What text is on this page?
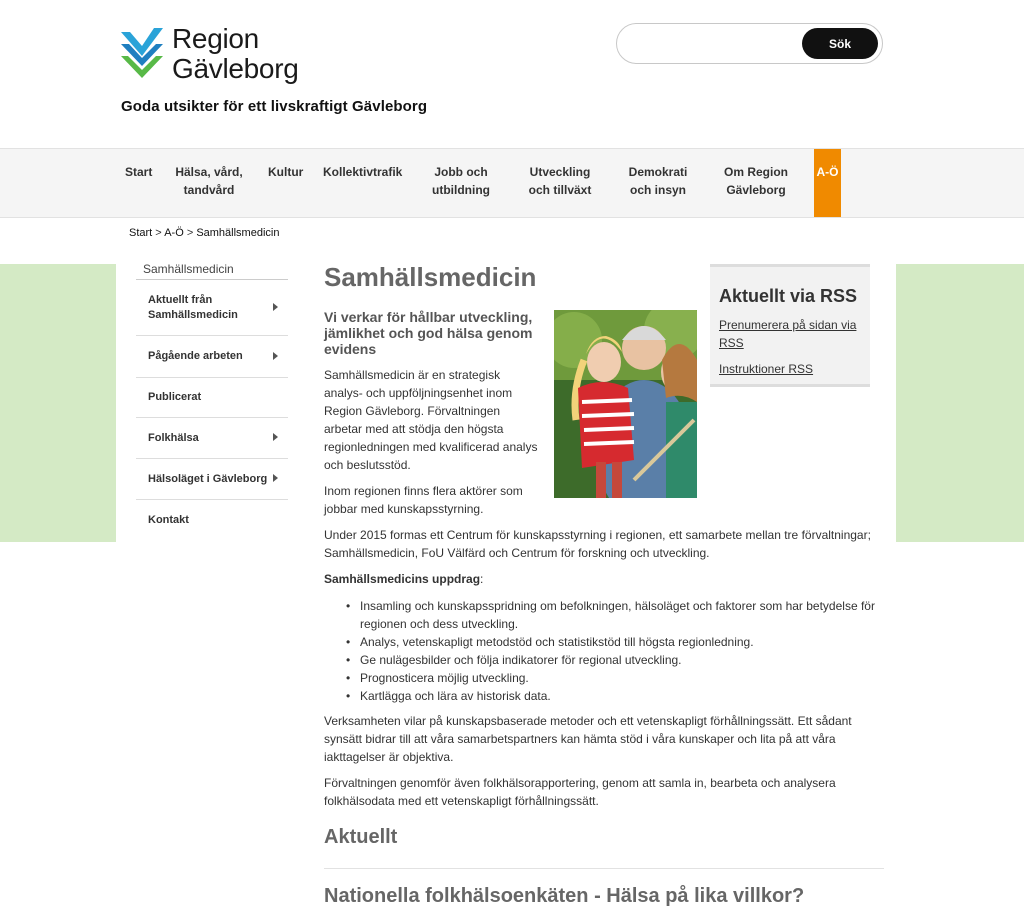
Region
Gävleborg
Goda utsikter för ett livskraftigt Gävleborg
Sök
Start Hälsa, vård, tandvård
Kultur Kollektivtrafik	Jobb och utbildning
Utveckling och tillväxt
Demokrati och insyn
Om Region Gävleborg
A-Ö
Start > A-Ö > Samhällsmedicin
Samhällsmedicin
Aktuellt från Samhällsmedicin
Pågående arbeten
Publicerat
Folkhälsa
Hälsoläget i Gävleborg
Kontakt
Samhällsmedicin
Vi verkar för hållbar utveckling, jämlikhet och god hälsa genom evidens
Samhällsmedicin är en strategisk analys- och uppföljningsenhet inom Region Gävleborg. Förvaltningen arbetar med att stödja den högsta regionledningen med kvalificerad analys och beslutsstöd.
Inom regionen finns flera aktörer som jobbar med kunskapsstyrning.
Under 2015 formas ett Centrum för kunskapsstyrning i regionen, ett samarbete mellan tre förvaltningar; Samhällsmedicin, FoU Välfärd och Centrum för forskning och utveckling.
Samhällsmedicins uppdrag:
• Insamling och kunskapsspridning om befolkningen, hälsoläget och faktorer som har betydelse för regionen och dess utveckling.
• Analys, vetenskapligt metodstöd och statistikstöd till högsta regionledning.
• Ge nulägesbilder och följa indikatorer för regional utveckling.
• Prognosticera möjlig utveckling.
• Kartlägga och lära av historisk data.
Verksamheten vilar på kunskapsbaserade metoder och ett vetenskapligt förhållningssätt. Ett sådant synsätt bidrar till att våra samarbetspartners kan hämta stöd i våra kunskaper och lita på att våra iakttagelser är objektiva.
Förvaltningen genomför även folkhälsorapportering, genom att samla in, bearbeta och analysera folkhälsodata med ett vetenskapligt förhållningssätt.
Aktuellt
Nationella folkhälsoenkäten - Hälsa på lika villkor?
Aktuellt via RSS
Prenumerera på sidan via RSS
Instruktioner RSS
